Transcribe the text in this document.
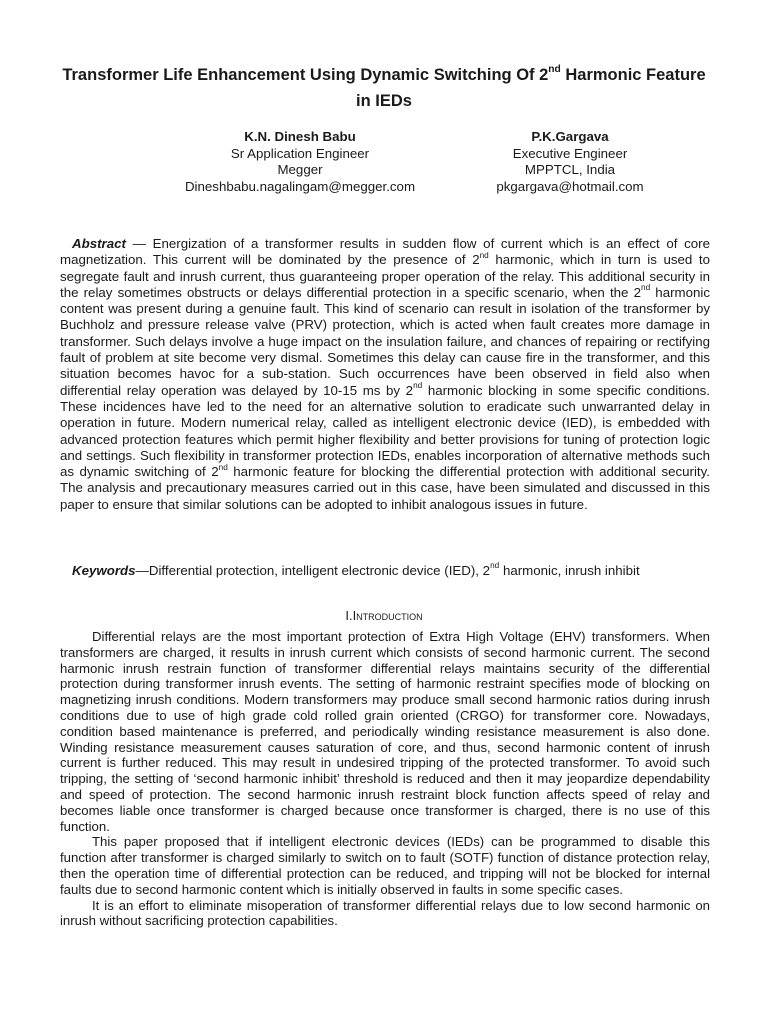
Transformer Life Enhancement Using Dynamic Switching Of 2nd Harmonic Feature in IEDs
K.N. Dinesh Babu
Sr Application Engineer
Megger
Dineshbabu.nagalingam@megger.com
P.K.Gargava
Executive Engineer
MPPTCL, India
pkgargava@hotmail.com

Abstract — Energization of a transformer results in sudden flow of current which is an effect of core magnetization. This current will be dominated by the presence of 2nd harmonic, which in turn is used to segregate fault and inrush current, thus guaranteeing proper operation of the relay. This additional security in the relay sometimes obstructs or delays differential protection in a specific scenario, when the 2nd harmonic content was present during a genuine fault. This kind of scenario can result in isolation of the transformer by Buchholz and pressure release valve (PRV) protection, which is acted when fault creates more damage in transformer. Such delays involve a huge impact on the insulation failure, and chances of repairing or rectifying fault of problem at site become very dismal. Sometimes this delay can cause fire in the transformer, and this situation becomes havoc for a sub-station. Such occurrences have been observed in field also when differential relay operation was delayed by 10-15 ms by 2nd harmonic blocking in some specific conditions. These incidences have led to the need for an alternative solution to eradicate such unwarranted delay in operation in future. Modern numerical relay, called as intelligent electronic device (IED), is embedded with advanced protection features which permit higher flexibility and better provisions for tuning of protection logic and settings. Such flexibility in transformer protection IEDs, enables incorporation of alternative methods such as dynamic switching of 2nd harmonic feature for blocking the differential protection with additional security. The analysis and precautionary measures carried out in this case, have been simulated and discussed in this paper to ensure that similar solutions can be adopted to inhibit analogous issues in future.

Keywords—Differential protection, intelligent electronic device (IED), 2nd harmonic, inrush inhibit

I.Introduction

Differential relays are the most important protection of Extra High Voltage (EHV) transformers. When transformers are charged, it results in inrush current which consists of second harmonic current. The second harmonic inrush restrain function of transformer differential relays maintains security of the differential protection during transformer inrush events. The setting of harmonic restraint specifies mode of blocking on magnetizing inrush conditions. Modern transformers may produce small second harmonic ratios during inrush conditions due to use of high grade cold rolled grain oriented (CRGO) for transformer core. Nowadays, condition based maintenance is preferred, and periodically winding resistance measurement is also done. Winding resistance measurement causes saturation of core, and thus, second harmonic content of inrush current is further reduced. This may result in undesired tripping of the protected transformer. To avoid such tripping, the setting of ‘second harmonic inhibit’ threshold is reduced and then it may jeopardize dependability and speed of protection. The second harmonic inrush restraint block function affects speed of relay and becomes liable once transformer is charged because once transformer is charged, there is no use of this function.

This paper proposed that if intelligent electronic devices (IEDs) can be programmed to disable this function after transformer is charged similarly to switch on to fault (SOTF) function of distance protection relay, then the operation time of differential protection can be reduced, and tripping will not be blocked for internal faults due to second harmonic content which is initially observed in faults in some specific cases.

It is an effort to eliminate misoperation of transformer differential relays due to low second harmonic on inrush without sacrificing protection capabilities.
